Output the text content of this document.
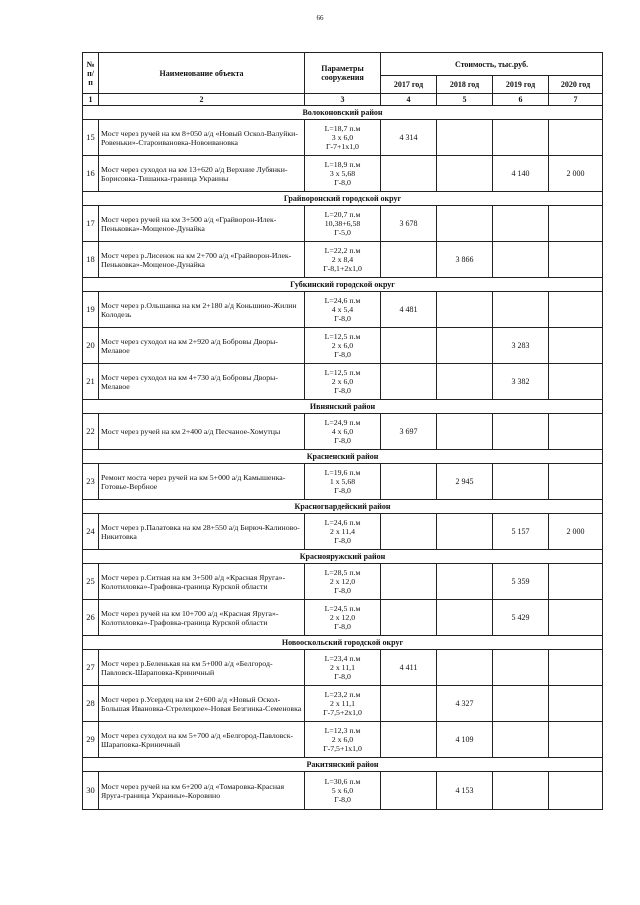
66
№ п/п	Наименование объекта	Параметры сооружения	Стоимость, тыс.руб.			
			2017 год	2018 год	2019 год	2020 год
1	2	3	4	5	6	7
Волоконовский район						
15	Мост через ручей на км 8+050 а/д «Новый Оскол-Валуйки-Ровеньки»-Староивановка-Новоивановка	L=18,7 п.м
3 x 6,0
Г-7+1x1,0	4 314			
16	Мост через суходол на км 13+620 а/д Верхние Лубянки-Борисовка-Тишанка-граница Украины	L=18,9 п.м
3 x 5,68
Г-8,0			4 140	2 000
Грайворонский городской округ						
17	Мост через ручей на км 3+500 а/д «Грайворон-Илек-Пеньковка»-Мощеное-Дунайка	L=20,7 п.м
10,38+6,58
Г-5,0	3 678			
18	Мост через р.Лисенок на км 2+700 а/д «Грайворон-Илек-Пеньковка»-Мощеное-Дунайка	L=22,2 п.м
2 x 8,4
Г-8,1+2x1,0		3 866		
Губкинский городской округ						
19	Мост через р.Ольшанка на км 2+180 а/д Коньшино-Жилин Колодезь	L=24,6 п.м
4 x 5,4
Г-8,0	4 481			
20	Мост через суходол на км 2+920 а/д Бобровы Дворы-Мелавое	L=12,5 п.м
2 x 6,0
Г-8,0			3 283	
21	Мост через суходол на км 4+730 а/д Бобровы Дворы-Мелавое	L=12,5 п.м
2 x 6,0
Г-8,0			3 382	
Ивнянский район						
22	Мост через ручей на км 2+400 а/д Песчаное-Хомутцы	L=24,9 п.м
4 x 6,0
Г-8,0	3 697			
Красненский район						
23	Ремонт моста через ручей на км 5+000 а/д Камышенка-Готовье-Вербное	L=19,6 п.м
1 x 5,68
Г-8,0		2 945		
Красногвардейский район						
24	Мост через р.Палатовка на км 28+550 а/д Бирюч-Калиново-Никитовка	L=24,6 п.м
2 x 11,4
Г-8,0			5 157	2 000
Краснояружский район						
25	Мост через р.Ситная на км 3+500 а/д «Красная Яруга»-Колотиловка»-Графовка-граница Курской области	L=28,5 п.м
2 x 12,0
Г-8,0			5 359	
26	Мост через ручей на км 10+700 а/д «Красная Яруга»-Колотиловка»-Графовка-граница Курской области	L=24,5 п.м
2 x 12,0
Г-8,0			5 429	
Новооскольский городской округ						
27	Мост через р.Беленькая на км 5+000 а/д «Белгород-Павловск-Шараповка-Криничный	L=23,4 п.м
2 x 11,1
Г-8,0	4 411			
28	Мост через р.Усердец на км 2+600 а/д «Новый Оскол-Большая Ивановка-Стрелецкое»-Новая Безгинка-Семеновка	L=23,2 п.м
2 x 11,1
Г-7,5+2x1,0		4 327		
29	Мост через суходол на км 5+700 а/д «Белгород-Павловск-Шараповка-Криничный	L=12,3 п.м
2 x 6,0
Г-7,5+1x1,0		4 109		
Ракитянский район						
30	Мост через ручей на км 6+200 а/д «Томаровка-Красная Яруга-граница Украины»-Коровино	L=30,6 п.м
5 x 6,0
Г-8,0		4 153		
